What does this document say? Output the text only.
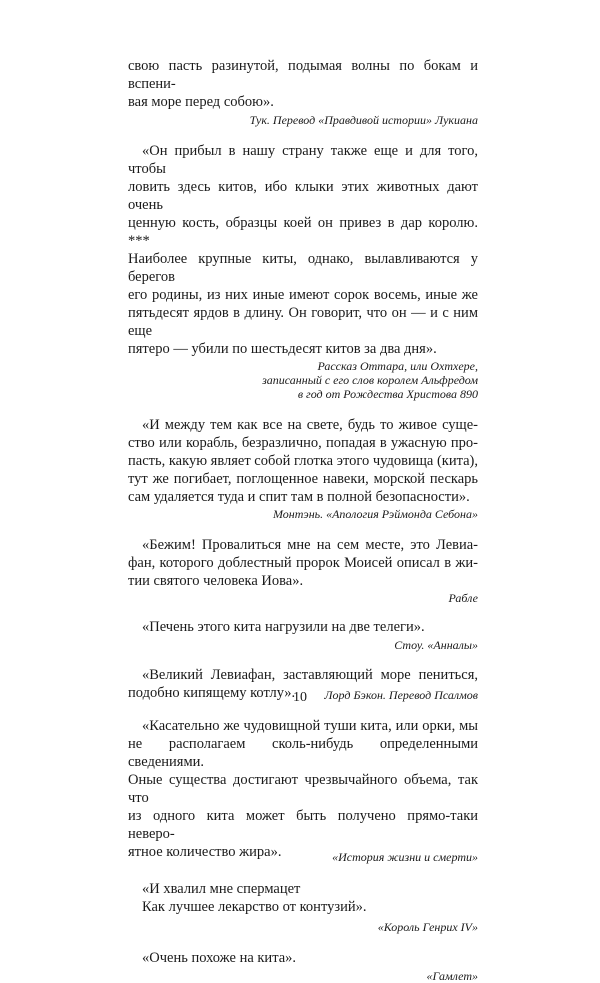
свою пасть разинутой, подымая волны по бокам и вспени-
вая море перед собою».

Тук. Перевод «Правдивой истории» Лукиана

«Он прибыл в нашу страну также еще и для того, чтобы
ловить здесь китов, ибо клыки этих животных дают очень
ценную кость, образцы коей он привез в дар королю. ***
Наиболее крупные киты, однако, вылавливаются у берегов
его родины, из них иные имеют сорок восемь, иные же
пятьдесят ярдов в длину. Он говорит, что он — и с ним еще
пятеро — убили по шестьдесят китов за два дня».

Рассказ Оттара, или Охтхере,
записанный с его слов королем Альфредом
в год от Рождества Христова 890

«И между тем как все на свете, будь то живое суще-
ство или корабль, безразлично, попадая в ужасную про-
пасть, какую являет собой глотка этого чудовища (кита),
тут же погибает, поглощенное навеки, морской пескарь
сам удаляется туда и спит там в полной безопасности».

Монтэнь. «Апология Рэймонда Себона»

«Бежим! Провалиться мне на сем месте, это Левиа-
фан, которого доблестный пророк Моисей описал в жи-
тии святого человека Иова».

Рабле

«Печень этого кита нагрузили на две телеги».

Стоу. «Анналы»

«Великий Левиафан, заставляющий море пениться,
подобно кипящему котлу».	Лорд Бэкон. Перевод Псалмов

«Касательно же чудовищной туши кита, или орки, мы
не располагаем сколь-нибудь определенными сведениями.
Оные существа достигают чрезвычайного объема, так что
из одного кита может быть получено прямо-таки неверо-
ятное количество жира».	«История жизни и смерти»

«И хвалил мне спермацет
Как лучшее лекарство от контузий».

«Король Генрих IV»

«Очень похоже на кита».

«Гамлет»

10
